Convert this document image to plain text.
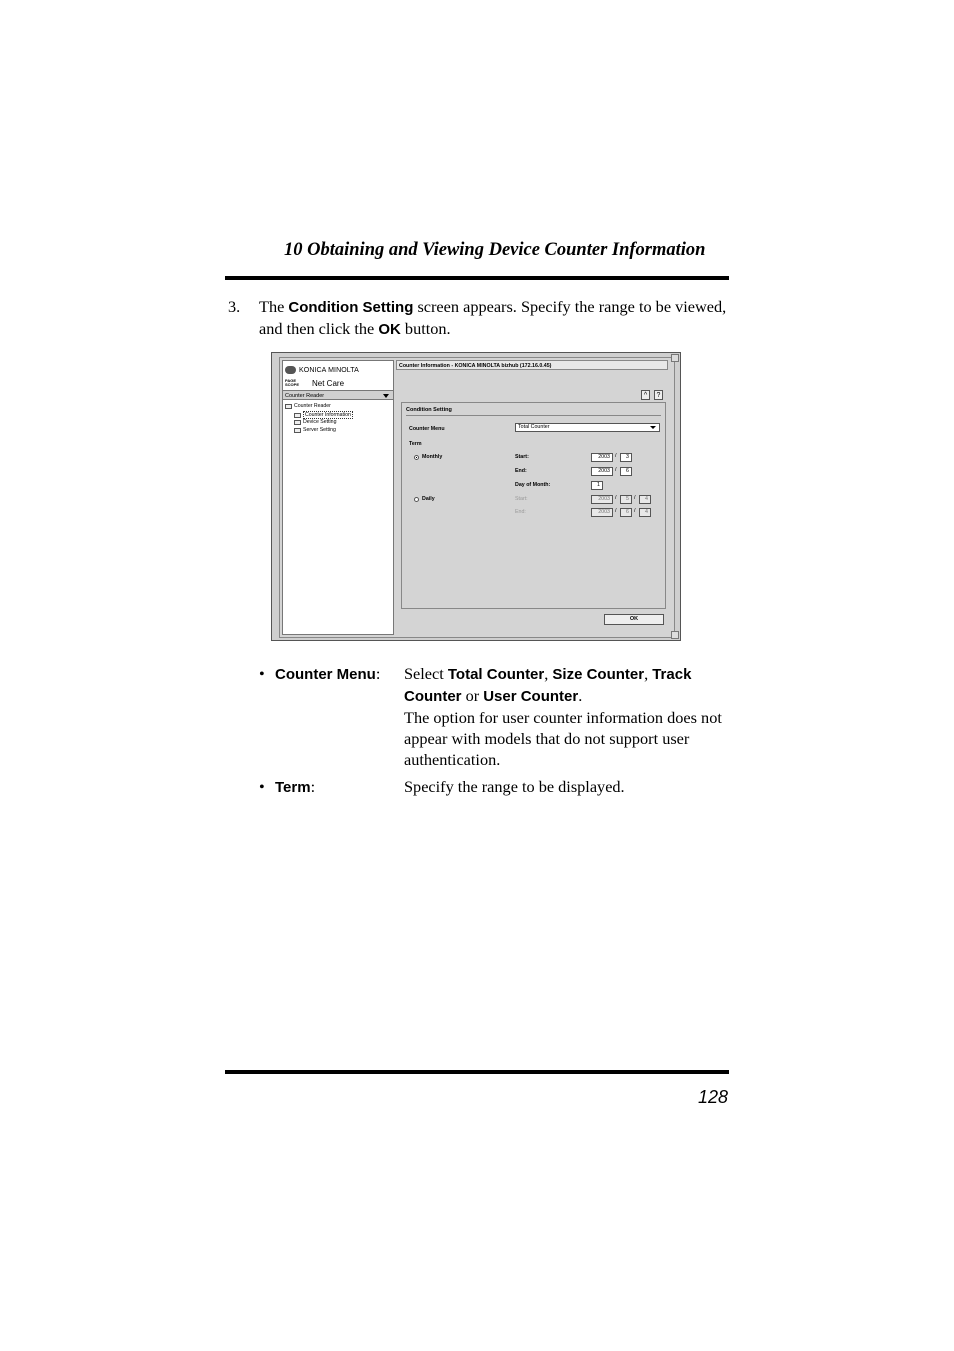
10 Obtaining and Viewing Device Counter Information
3. The Condition Setting screen appears. Specify the range to be viewed, and then click the OK button.
KONICA MINOLTA
PAGE SCOPE	Net Care
Counter Reader
Counter Reader
Counter Information
Device Setting
Server Setting
Counter Information - KONICA MINOLTA bizhub (172.16.0.45)
^	?
Condition Setting
Counter Menu	Total Counter
Term
Monthly	Start:	2003 /	3
End:	2003 /	6
Day of Month:	1
Daily	Start:	2003 /	5 /	4
End:	2003 /	6 /	4
OK
• Counter Menu: Select Total Counter, Size Counter, Track Counter or User Counter.
The option for user counter information does not appear with models that do not support user authentication.
• Term:	Specify the range to be displayed.
128
